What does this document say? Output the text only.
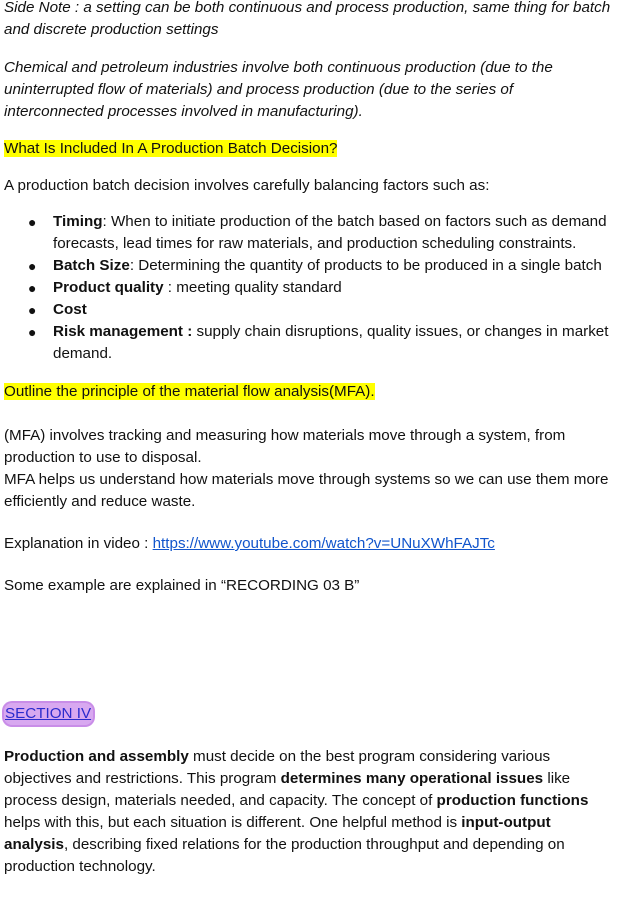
Side Note : a setting can be both continuous and process production, same thing for batch and discrete production settings

Chemical and petroleum industries involve both continuous production (due to the uninterrupted flow of materials) and process production (due to the series of interconnected processes involved in manufacturing).

What Is Included In A Production Batch Decision?

A production batch decision involves carefully balancing factors such as:

● Timing: When to initiate production of the batch based on factors such as demand forecasts, lead times for raw materials, and production scheduling constraints.
● Batch Size: Determining the quantity of products to be produced in a single batch
● Product quality : meeting quality standard
● Cost
● Risk management : supply chain disruptions, quality issues, or changes in market demand.

Outline the principle of the material flow analysis(MFA).

(MFA) involves tracking and measuring how materials move through a system, from production to use to disposal.

MFA helps us understand how materials move through systems so we can use them more efficiently and reduce waste.

Explanation in video : https://www.youtube.com/watch?v=UNuXWhFAJTc

Some example are explained in “RECORDING 03 B”

SECTION IV

Production and assembly must decide on the best program considering various objectives and restrictions. This program determines many operational issues like process design, materials needed, and capacity. The concept of production functions helps with this, but each situation is different. One helpful method is input-output analysis, describing fixed relations for the production throughput and depending on production technology.
